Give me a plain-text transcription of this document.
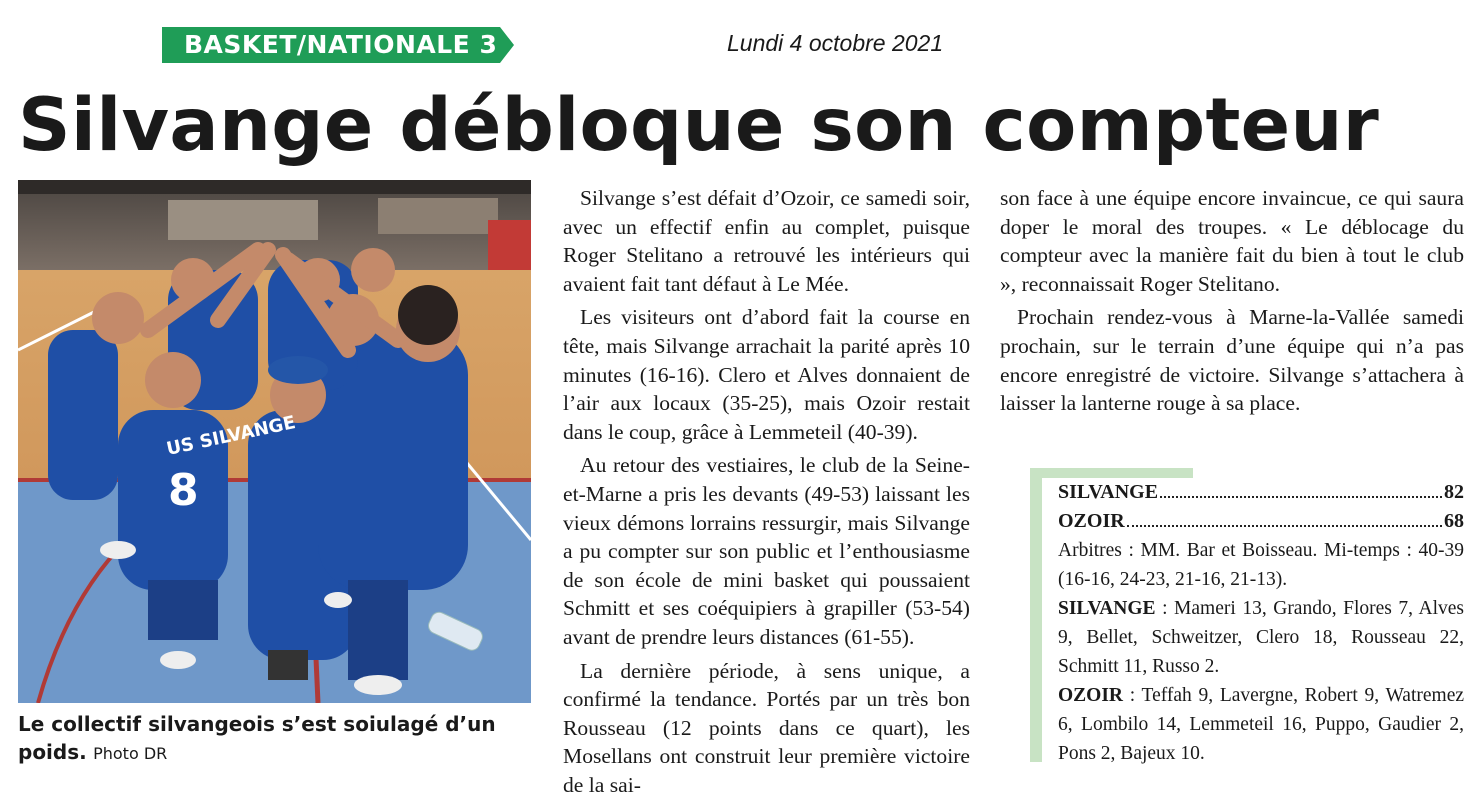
BASKET/NATIONALE 3	Lundi 4 octobre 2021
Silvange débloque son compteur
US SILVANGE
8
Le collectif silvangeois s’est soiulagé d’un poids. Photo DR

Silvange s’est défait d’Ozoir, ce samedi soir, avec un effectif enfin au complet, puisque Roger Stelitano a retrouvé les intérieurs qui avaient fait tant défaut à Le Mée.

Les visiteurs ont d’abord fait la course en tête, mais Silvange arrachait la parité après 10 minutes (16-16). Clero et Alves donnaient de l’air aux locaux (35-25), mais Ozoir restait dans le coup, grâce à Lemmeteil (40-39).

Au retour des vestiaires, le club de la Seine-et-Marne a pris les devants (49-53) laissant les vieux démons lorrains ressurgir, mais Silvange a pu compter sur son public et l’enthousiasme de son école de mini basket qui poussaient Schmitt et ses coéquipiers à grapiller (53-54) avant de prendre leurs distances (61-55).

La dernière période, à sens unique, a confirmé la tendance. Portés par un très bon Rousseau (12 points dans ce quart), les Mosellans ont construit leur première victoire de la sai-

son face à une équipe encore invaincue, ce qui saura doper le moral des troupes. « Le déblocage du compteur avec la manière fait du bien à tout le club », reconnaissait Roger Stelitano.

Prochain rendez-vous à Marne-la-Vallée samedi prochain, sur le terrain d’une équipe qui n’a pas encore enregistré de victoire. Silvange s’attachera à laisser la lanterne rouge à sa place.

SILVANGE	82
OZOIR	68
Arbitres : MM. Bar et Boisseau. Mi-temps : 40-39 (16-16, 24-23, 21-16, 21-13).
SILVANGE : Mameri 13, Grando, Flores 7, Alves 9, Bellet, Schweitzer, Clero 18, Rousseau 22, Schmitt 11, Russo 2.
OZOIR : Teffah 9, Lavergne, Robert 9, Watremez 6, Lombilo 14, Lemmeteil 16, Puppo, Gaudier 2, Pons 2, Bajeux 10.
